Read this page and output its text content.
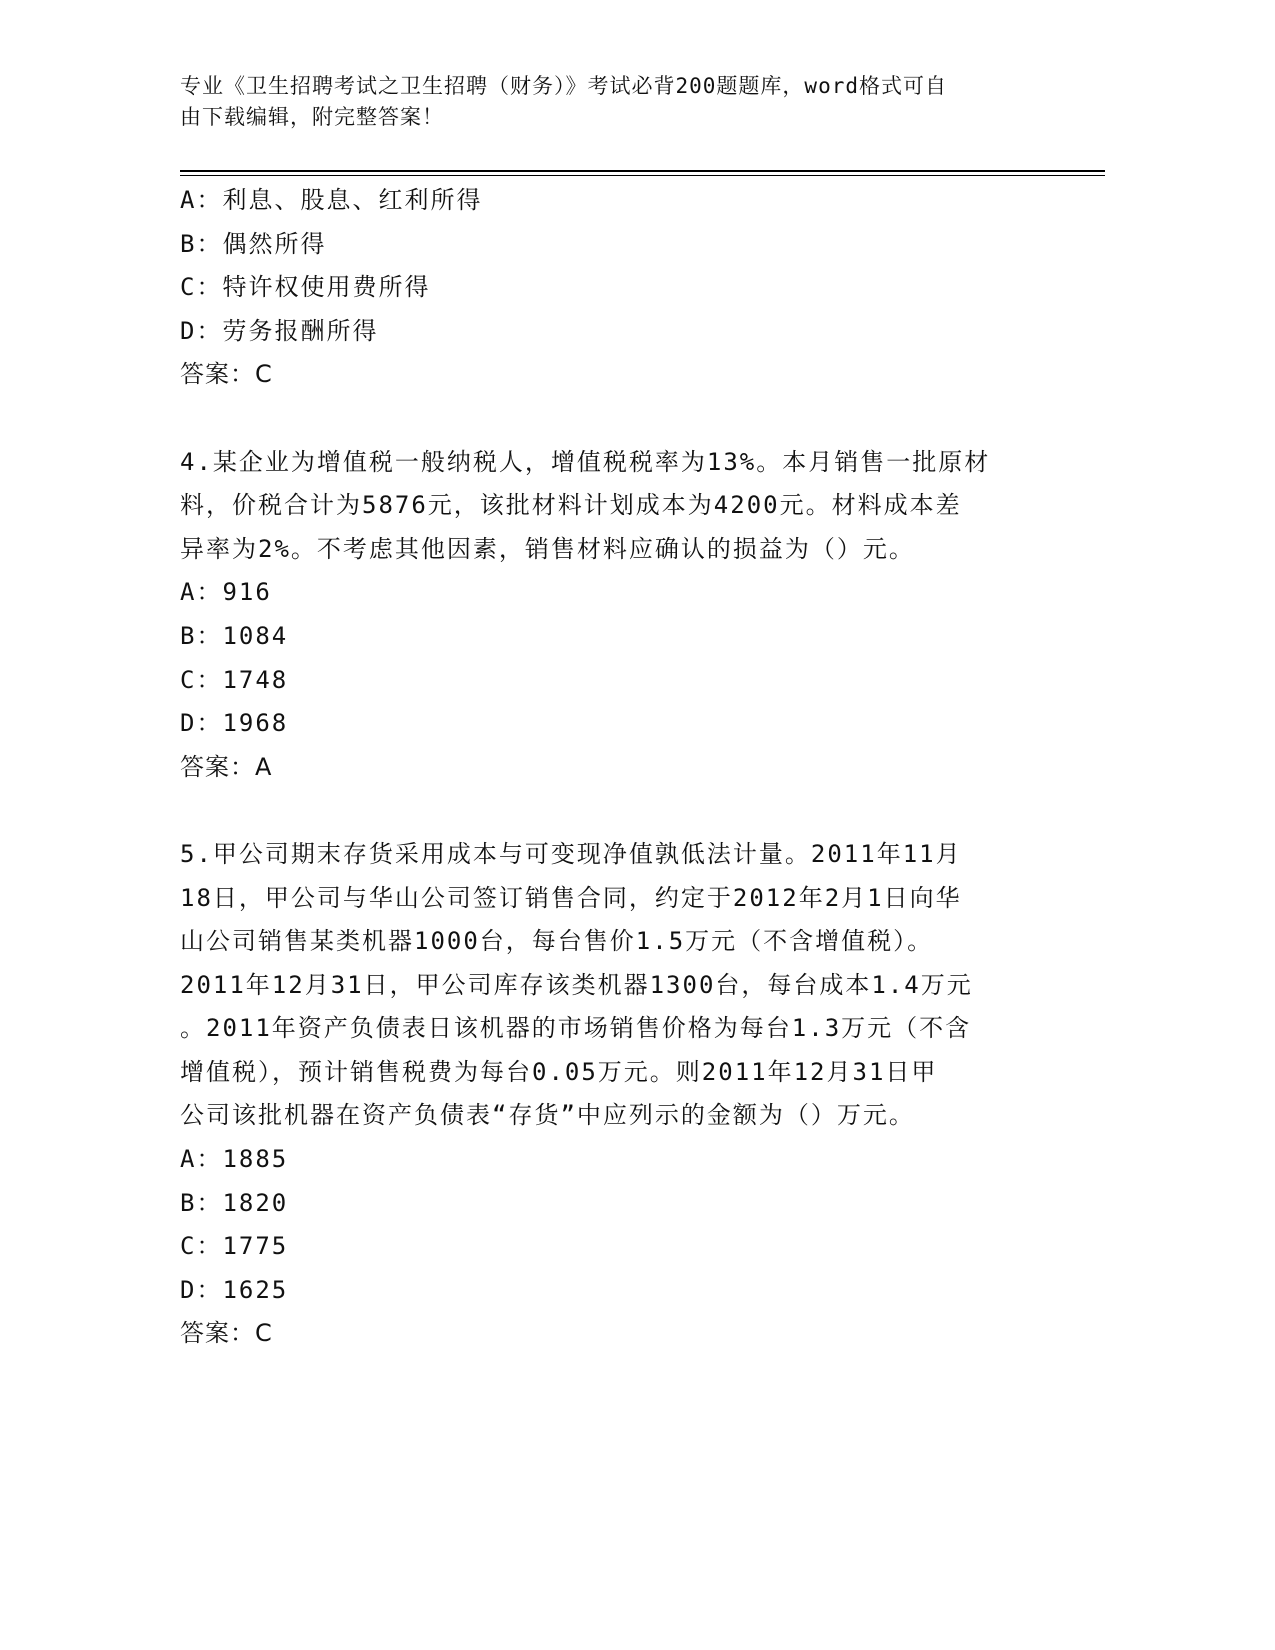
专业《卫生招聘考试之卫生招聘（财务）》考试必背200题题库，word格式可自
由下载编辑，附完整答案！
A：利息、股息、红利所得
B：偶然所得
C：特许权使用费所得
D：劳务报酬所得
答案：C
4.某企业为增值税一般纳税人，增值税税率为13%。本月销售一批原材
料，价税合计为5876元，该批材料计划成本为4200元。材料成本差
异率为2%。不考虑其他因素，销售材料应确认的损益为（）元。
A：916
B：1084
C：1748
D：1968
答案：A
5.甲公司期末存货采用成本与可变现净值孰低法计量。2011年11月
18日，甲公司与华山公司签订销售合同，约定于2012年2月1日向华
山公司销售某类机器1000台，每台售价1.5万元（不含增值税）。
2011年12月31日，甲公司库存该类机器1300台，每台成本1.4万元
。2011年资产负债表日该机器的市场销售价格为每台1.3万元（不含
增值税），预计销售税费为每台0.05万元。则2011年12月31日甲
公司该批机器在资产负债表“存货”中应列示的金额为（）万元。
A：1885
B：1820
C：1775
D：1625
答案：C
